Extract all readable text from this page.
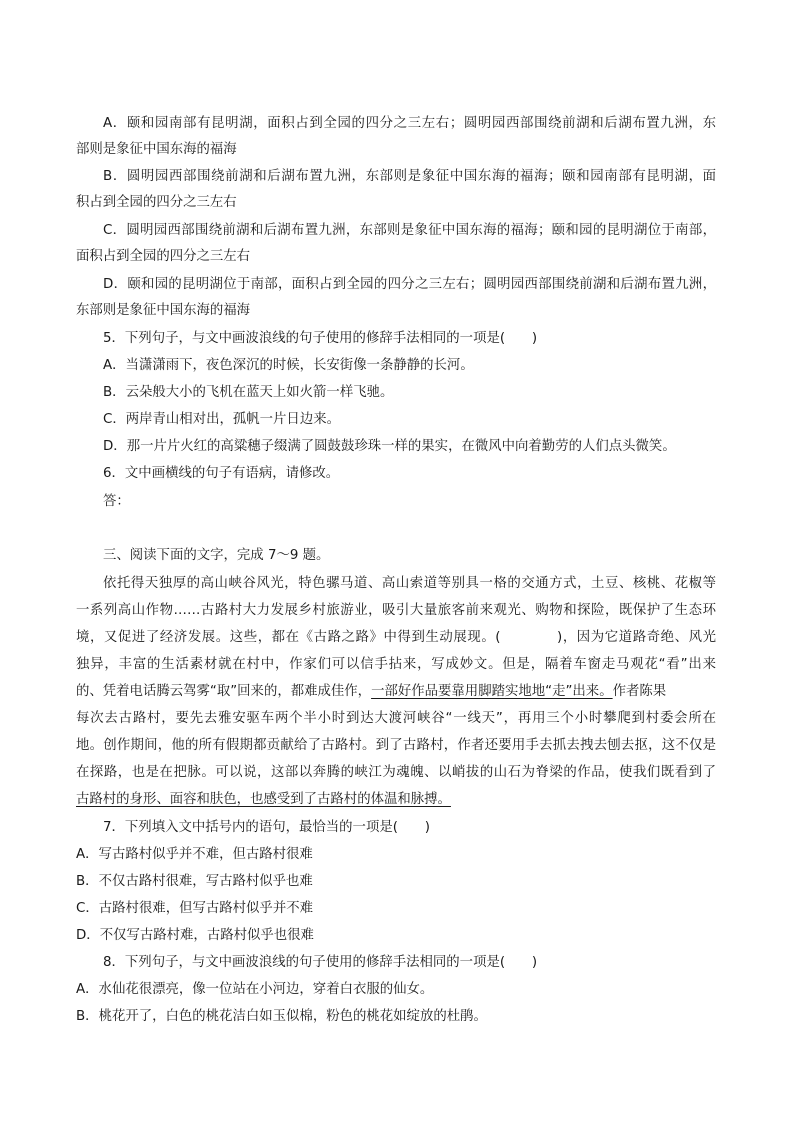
A．颐和园南部有昆明湖，面积占到全园的四分之三左右；圆明园西部围绕前湖和后湖布置九洲，东
部则是象征中国东海的福海
B．圆明园西部围绕前湖和后湖布置九洲，东部则是象征中国东海的福海；颐和园南部有昆明湖，面
积占到全园的四分之三左右
C．圆明园西部围绕前湖和后湖布置九洲，东部则是象征中国东海的福海；颐和园的昆明湖位于南部，
面积占到全园的四分之三左右
D．颐和园的昆明湖位于南部，面积占到全园的四分之三左右；圆明园西部围绕前湖和后湖布置九洲，
东部则是象征中国东海的福海
5．下列句子，与文中画波浪线的句子使用的修辞手法相同的一项是(　　)
A．当潇潇雨下，夜色深沉的时候，长安街像一条静静的长河。
B．云朵般大小的飞机在蓝天上如火箭一样飞驰。
C．两岸青山相对出，孤帆一片日边来。
D．那一片片火红的高粱穗子缀满了圆鼓鼓珍珠一样的果实，在微风中向着勤劳的人们点头微笑。
6．文中画横线的句子有语病，请修改。
答：
三、阅读下面的文字，完成 7～9 题。
依托得天独厚的高山峡谷风光，特色骡马道、高山索道等别具一格的交通方式，土豆、核桃、花椒等
一系列高山作物……古路村大力发展乡村旅游业，吸引大量旅客前来观光、购物和探险，既保护了生态环
境，又促进了经济发展。这些，都在《古路之路》中得到生动展现。(　　　　)，因为它道路奇绝、风光
独异，丰富的生活素材就在村中，作家们可以信手拈来，写成妙文。但是，隔着车窗走马观花“看”出来
的、凭着电话腾云驾雾“取”回来的，都难成佳作，一部好作品要靠用脚踏实地地“走”出来。作者陈果
每次去古路村，要先去雅安驱车两个半小时到达大渡河峡谷“一线天”，再用三个小时攀爬到村委会所在
地。创作期间，他的所有假期都贡献给了古路村。到了古路村，作者还要用手去抓去拽去刨去抠，这不仅是
在探路，也是在把脉。可以说，这部以奔腾的峡江为魂魄、以峭拔的山石为脊梁的作品，使我们既看到了
古路村的身形、面容和肤色，也感受到了古路村的体温和脉搏。
7．下列填入文中括号内的语句，最恰当的一项是(　　)
A．写古路村似乎并不难，但古路村很难
B．不仅古路村很难，写古路村似乎也难
C．古路村很难，但写古路村似乎并不难
D．不仅写古路村难，古路村似乎也很难
8．下列句子，与文中画波浪线的句子使用的修辞手法相同的一项是(　　)
A．水仙花很漂亮，像一位站在小河边，穿着白衣服的仙女。
B．桃花开了，白色的桃花洁白如玉似棉，粉色的桃花如绽放的杜鹃。
